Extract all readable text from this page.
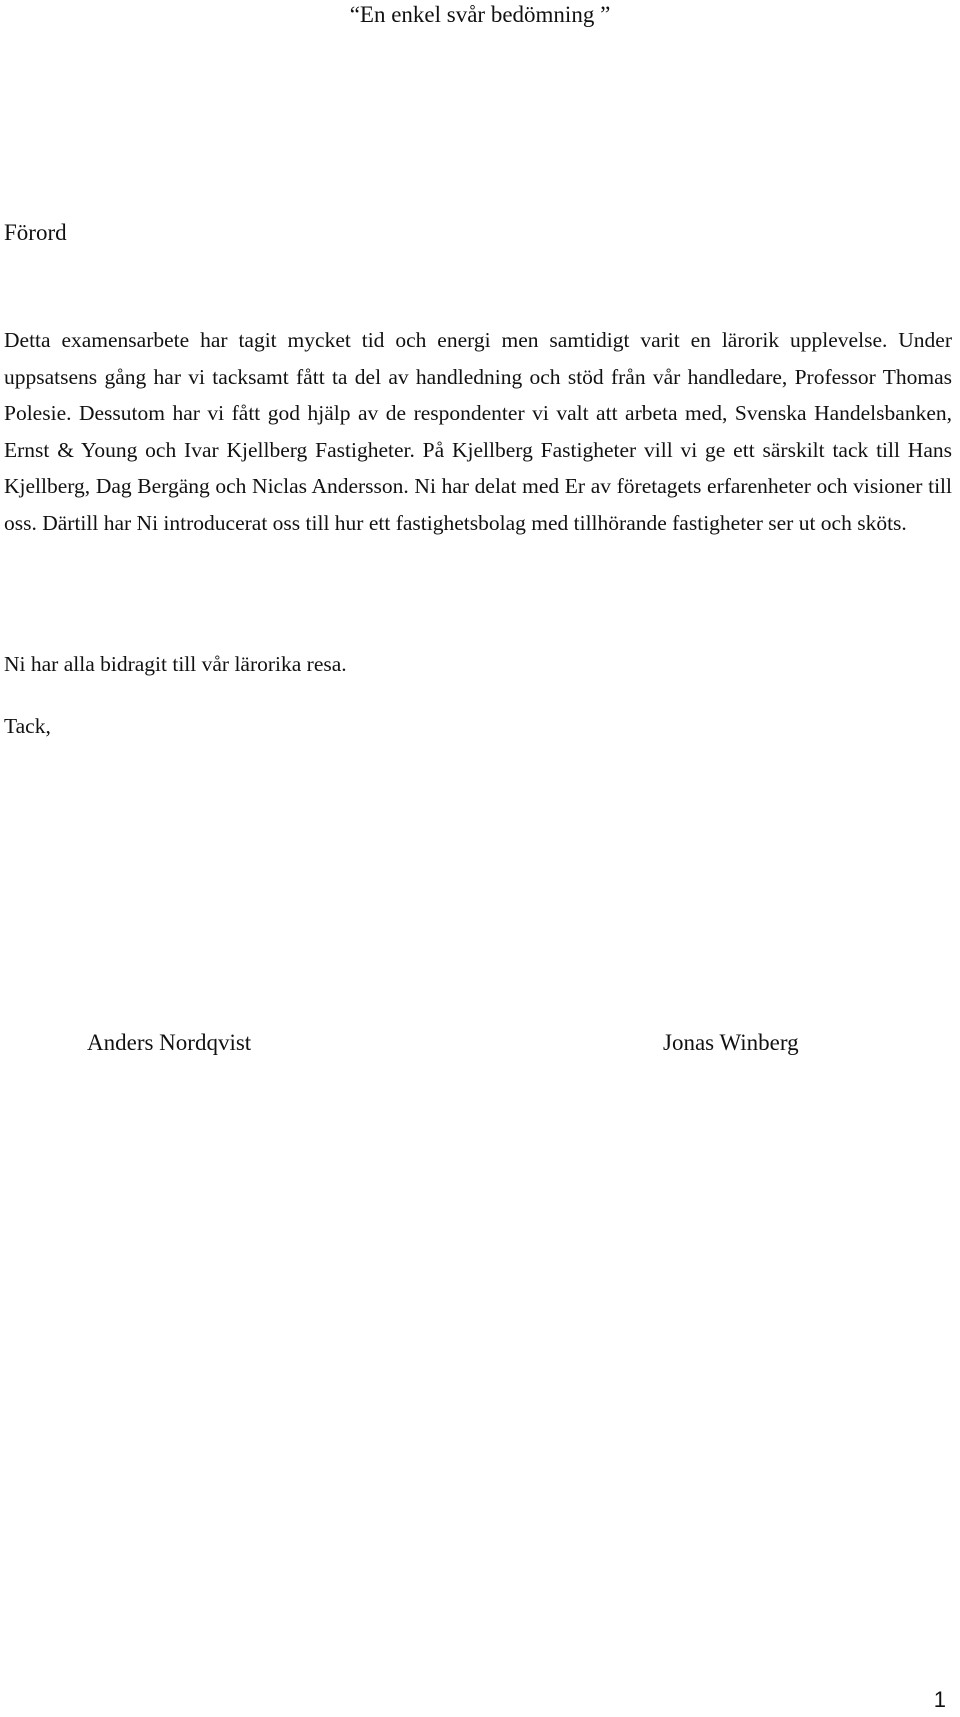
“En enkel svår bedömning ”
Förord

Detta examensarbete har tagit mycket tid och energi men samtidigt varit en lärorik upplevelse. Under uppsatsens gång har vi tacksamt fått ta del av handledning och stöd från vår handledare, Professor Thomas Polesie. Dessutom har vi fått god hjälp av de respondenter vi valt att arbeta med, Svenska Handelsbanken, Ernst & Young och Ivar Kjellberg Fastigheter. På Kjellberg Fastigheter vill vi ge ett särskilt tack till Hans Kjellberg, Dag Bergäng och Niclas Andersson. Ni har delat med Er av företagets erfarenheter och visioner till oss. Därtill har Ni introducerat oss till hur ett fastighetsbolag med tillhörande fastigheter ser ut och sköts.

Ni har alla bidragit till vår lärorika resa.

Tack,

Anders Nordqvist	Jonas Winberg
1
